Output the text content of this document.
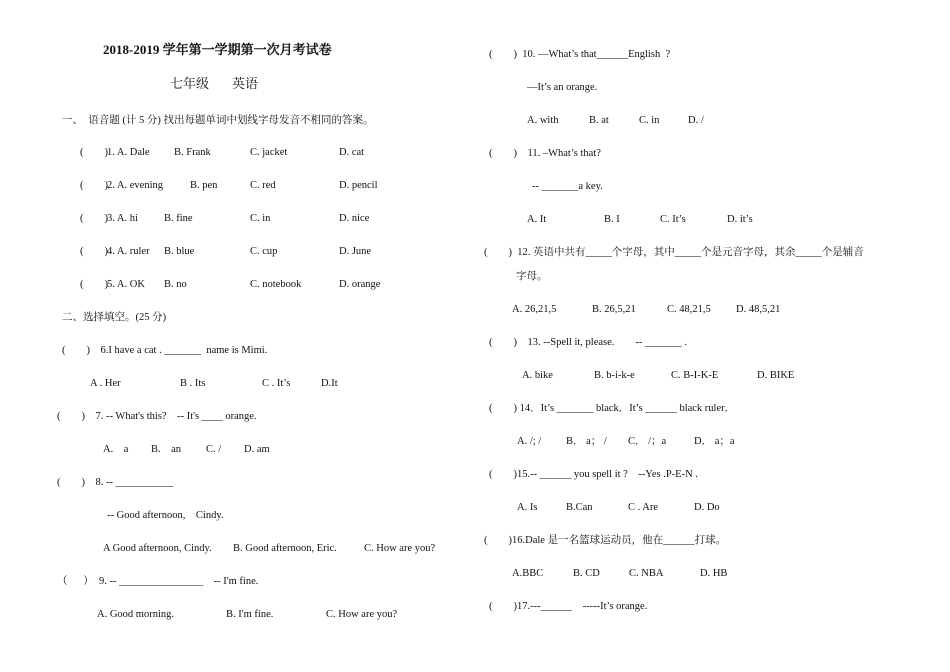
2018-2019 学年第一学期第一次月考试卷
七年级 英语
一、  语音题 (计 5 分) 找出每题单词中划线字母发音不相同的答案。
(        ) 1. A. Dale B. Frank	C. jacket	D. cat
(        ) 2. A. evening	B. pen	C. red	D. pencil
(        ) 3. A. hi B. fine	C. in	D. nice
(        ) 4. A. ruler B. blue	C. cup	D. June
(        ) 5. A. OK B. no	C. notebook	D. orange
二、选择填空。(25 分)
(        )    6.I have a cat . _______  name is Mimi.
A . Her	B . Its	C . It’s	D.It
(        )    7. -- What's this?    -- It's ____ orange.
A.    a B.    an C. / D. am
(        )    8. -- ___________
-- Good afternoon,    Cindy.
A Good afternoon, Cindy. B. Good afternoon, Eric.	C. How are you?
（      ）  9. -- ________________    -- I'm fine.
A. Good morning.	B. I'm fine.	C. How are you?
(        )  10. —What’s that______English  ?
—It’s an orange.
A. with	B. at	C. in	D. /
(        )    11. –What’s that?
-- _______a key.
A. It	B. I	C. It’s	D. it’s
(        )  12. 英语中共有_____个字母，其中_____个是元音字母，其余_____个是辅音
字母。
A. 26,21,5	B. 26,5,21	C. 48,21,5 D. 48,5,21
(        )    13. --Spell it, please.        -- _______ .
A. bike	B. b-i-k-e	C. B-I-K-E	D. BIKE
(        ) 14．It’s _______ black．It’s ______ black ruler．
A. /; / B． a； / C． /；a	D． a；a
(        )15.-- ______ you spell it ?    --Yes .P-E-N .
A. Is	B.Can	C . Are	D. Do
(        )16.Dale 是一名篮球运动员，他在______打球。
A.BBC	B. CD	C. NBA	D. HB
(        )17.---______    -----It’s orange.
